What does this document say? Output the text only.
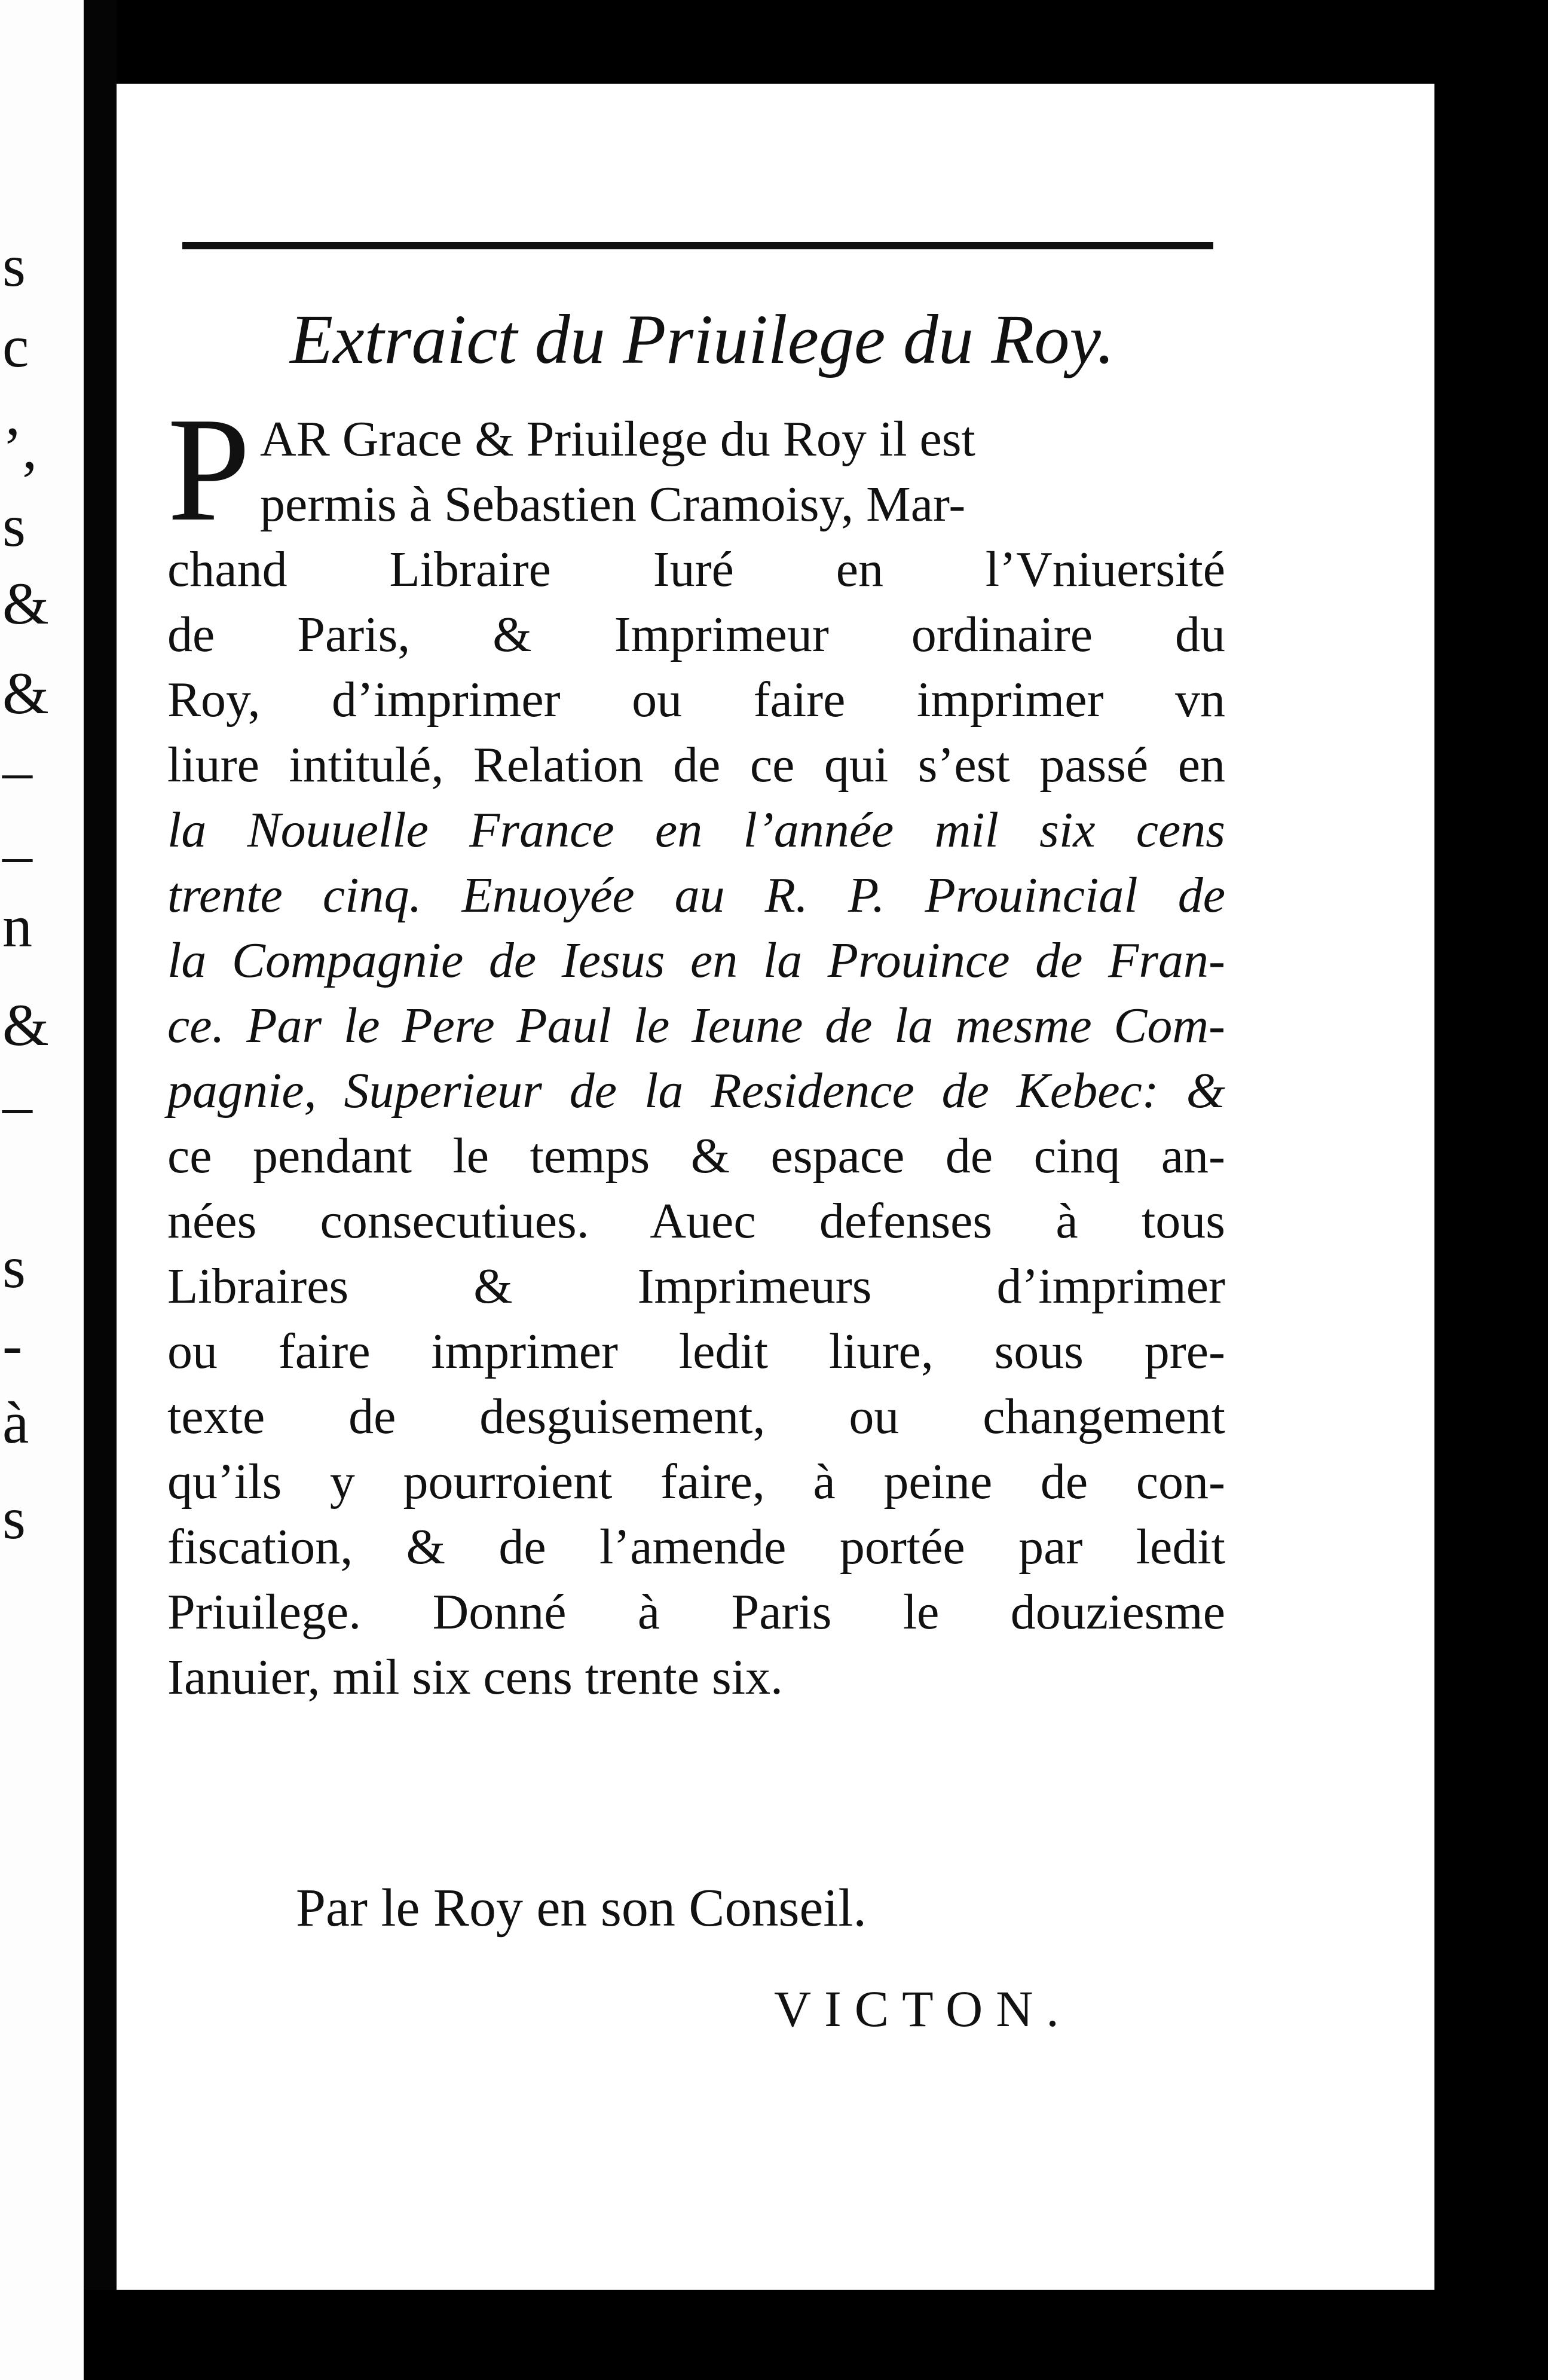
s
c
’,
s
&
&
–
–
n
&
–
s
-
à
s
Extraict du Priuilege du Roy.
P AR Grace & Priuilege du Roy il est
permis à Sebastien Cramoisy, Mar-
chand Libraire Iuré en l’Vniuersité
de Paris, & Imprimeur ordinaire du
Roy, d’imprimer ou faire imprimer vn
liure intitulé, Relation de ce qui s’est passé en
la Nouuelle France en l’année mil six cens
trente cinq. Enuoyée au R. P. Prouincial de
la Compagnie de Iesus en la Prouince de Fran-
ce. Par le Pere Paul le Ieune de la mesme Com-
pagnie, Superieur de la Residence de Kebec: &
ce pendant le temps & espace de cinq an-
nées consecutiues. Auec defenses à tous
Libraires & Imprimeurs d’imprimer
ou faire imprimer ledit liure, sous pre-
texte de desguisement, ou changement
qu’ils y pourroient faire, à peine de con-
fiscation, & de l’amende portée par ledit
Priuilege. Donné à Paris le douziesme
Ianuier, mil six cens trente six.
Par le Roy en son Conseil.
VICTON.
